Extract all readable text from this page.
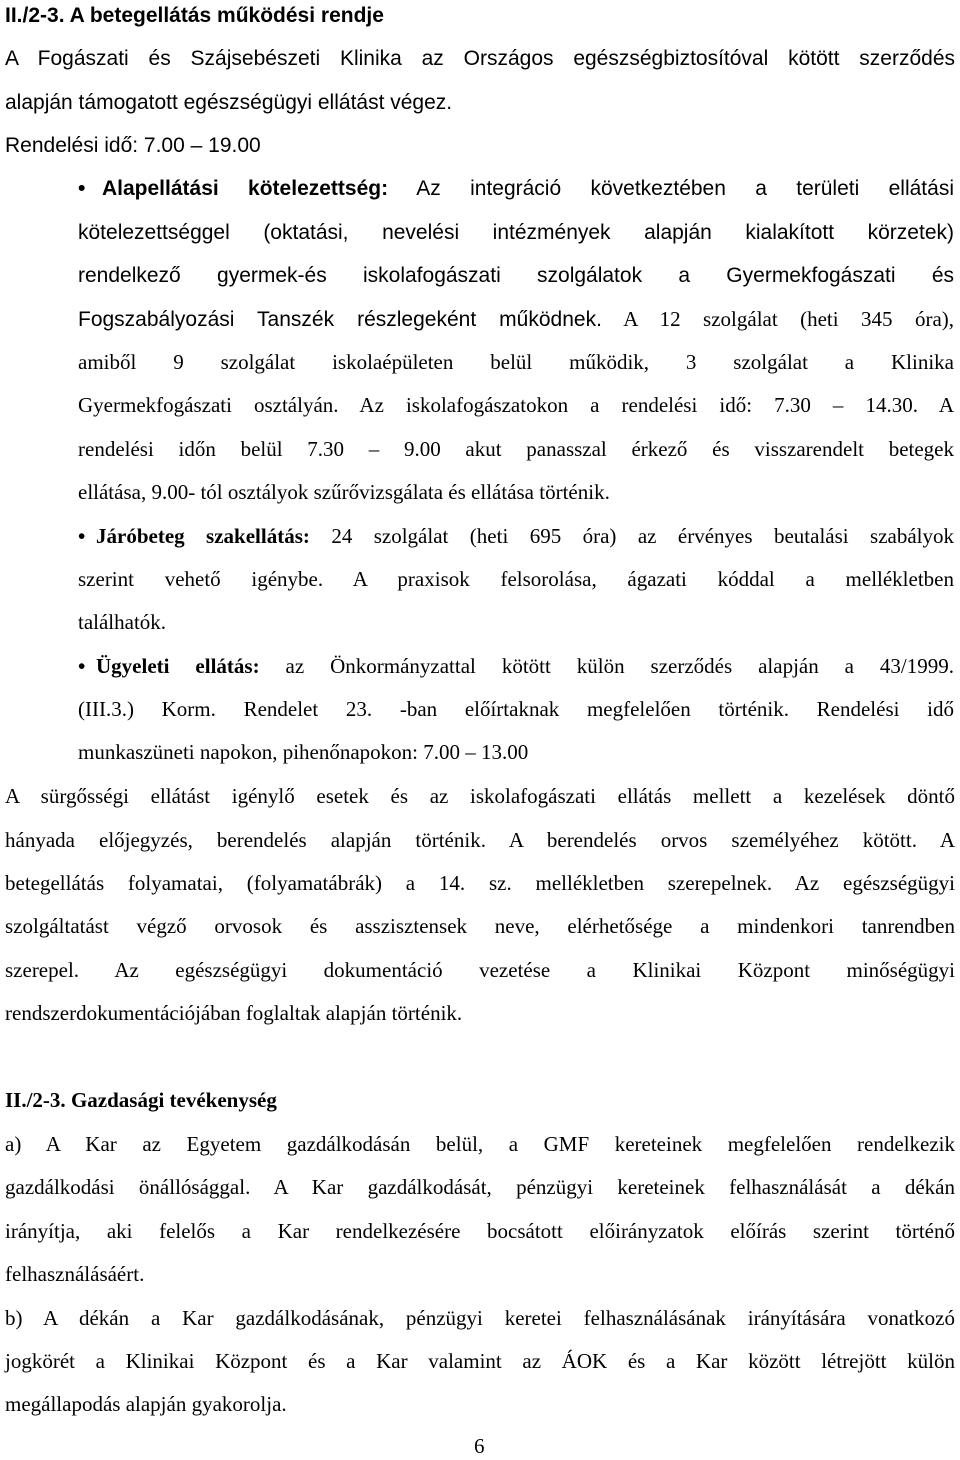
II./2-3. A betegellátás működési rendje
A Fogászati és Szájsebészeti Klinika az Országos egészségbiztosítóval kötött szerződés
alapján támogatott egészségügyi ellátást végez.
Rendelési idő: 7.00 – 19.00
• Alapellátási kötelezettség: Az integráció következtében a területi ellátási
kötelezettséggel (oktatási, nevelési intézmények alapján kialakított körzetek)
rendelkező gyermek-és iskolafogászati szolgálatok a Gyermekfogászati és
Fogszabályozási Tanszék részlegeként működnek. A 12 szolgálat (heti 345 óra),
amiből 9 szolgálat iskolaépületen belül működik, 3 szolgálat a Klinika
Gyermekfogászati osztályán. Az iskolafogászatokon a rendelési idő: 7.30 – 14.30. A
rendelési időn belül 7.30 – 9.00 akut panasszal érkező és visszarendelt betegek
ellátása, 9.00- tól osztályok szűrővizsgálata és ellátása történik.
• Járóbeteg szakellátás: 24 szolgálat (heti 695 óra) az érvényes beutalási szabályok
szerint vehető igénybe. A praxisok felsorolása, ágazati kóddal a mellékletben
találhatók.
• Ügyeleti ellátás: az Önkormányzattal kötött külön szerződés alapján a 43/1999.
(III.3.) Korm. Rendelet 23. -ban előírtaknak megfelelően történik. Rendelési idő
munkaszüneti napokon, pihenőnapokon: 7.00 – 13.00
A sürgősségi ellátást igénylő esetek és az iskolafogászati ellátás mellett a kezelések döntő
hányada előjegyzés, berendelés alapján történik. A berendelés orvos személyéhez kötött. A
betegellátás folyamatai, (folyamatábrák) a 14. sz. mellékletben szerepelnek. Az egészségügyi
szolgáltatást végző orvosok és asszisztensek neve, elérhetősége a mindenkori tanrendben
szerepel. Az egészségügyi dokumentáció vezetése a Klinikai Központ minőségügyi
rendszerdokumentációjában foglaltak alapján történik.
II./2-3. Gazdasági tevékenység
a) A Kar az Egyetem gazdálkodásán belül, a GMF kereteinek megfelelően rendelkezik
gazdálkodási önállósággal. A Kar gazdálkodását, pénzügyi kereteinek felhasználását a dékán
irányítja, aki felelős a Kar rendelkezésére bocsátott előirányzatok előírás szerint történő
felhasználásáért.
b) A dékán a Kar gazdálkodásának, pénzügyi keretei felhasználásának irányítására vonatkozó
jogkörét a Klinikai Központ és a Kar valamint az ÁOK és a Kar között létrejött külön
megállapodás alapján gyakorolja.
6
